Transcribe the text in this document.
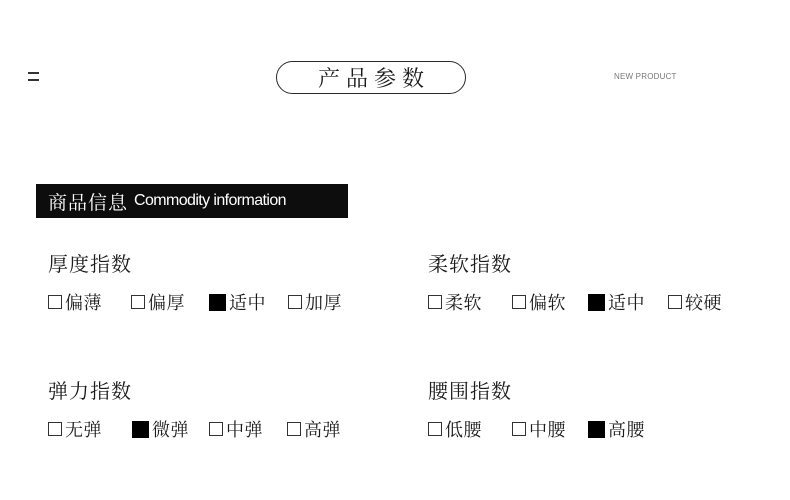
产品参数	NEW PRODUCT
商品信息 Commodity information
厚度指数
偏薄	偏厚 适中 加厚
柔软指数
柔软	偏软 适中 较硬
弹力指数
无弹	微弹 中弹 高弹
腰围指数
低腰	中腰 高腰
